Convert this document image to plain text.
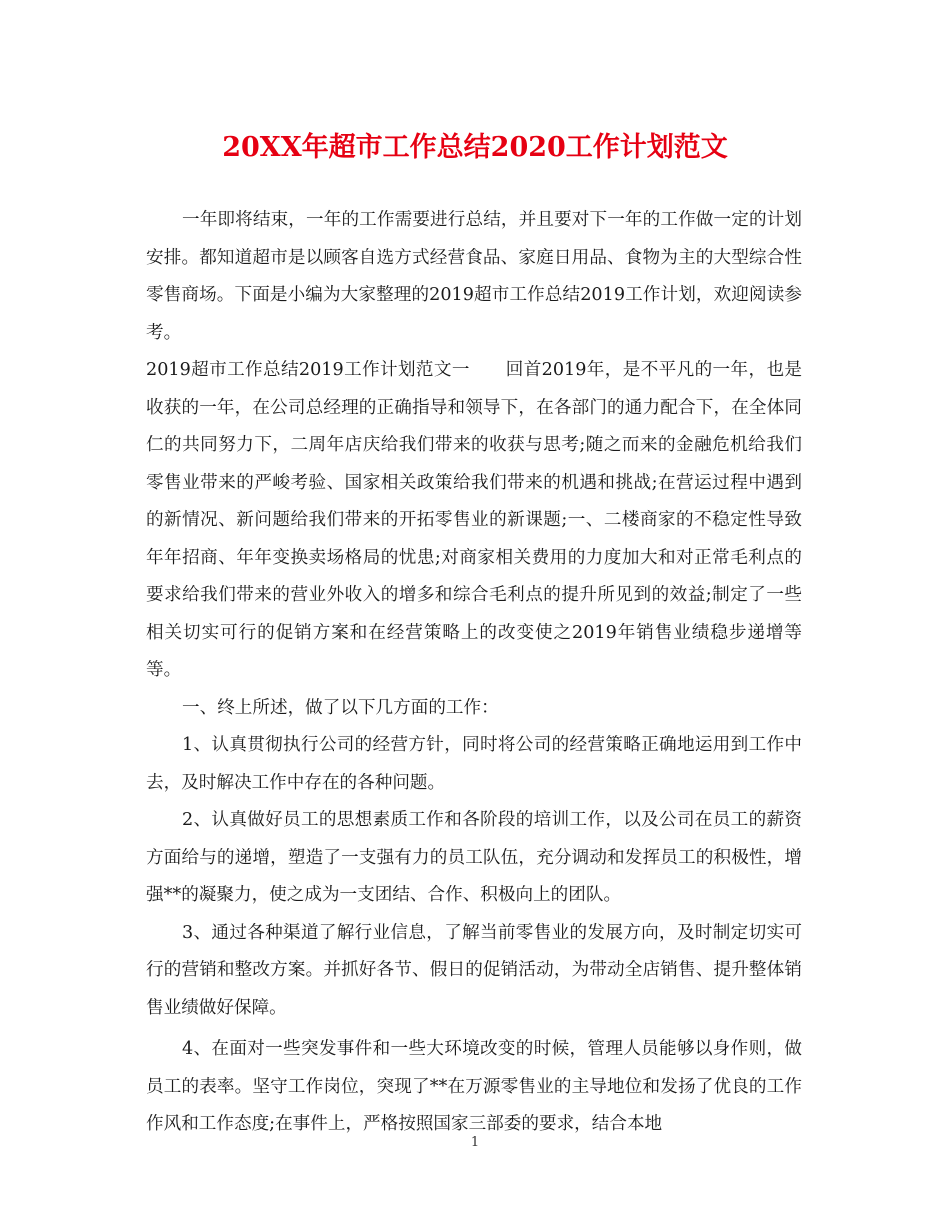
20XX年超市工作总结2020工作计划范文

一年即将结束，一年的工作需要进行总结，并且要对下一年的工作做一定的计划安排。都知道超市是以顾客自选方式经营食品、家庭日用品、食物为主的大型综合性零售商场。下面是小编为大家整理的2019超市工作总结2019工作计划，欢迎阅读参考。

2019超市工作总结2019工作计划范文一　　回首2019年，是不平凡的一年，也是收获的一年，在公司总经理的正确指导和领导下，在各部门的通力配合下，在全体同仁的共同努力下，二周年店庆给我们带来的收获与思考;随之而来的金融危机给我们零售业带来的严峻考验、国家相关政策给我们带来的机遇和挑战;在营运过程中遇到的新情况、新问题给我们带来的开拓零售业的新课题;一、二楼商家的不稳定性导致年年招商、年年变换卖场格局的忧患;对商家相关费用的力度加大和对正常毛利点的要求给我们带来的营业外收入的增多和综合毛利点的提升所见到的效益;制定了一些相关切实可行的促销方案和在经营策略上的改变使之2019年销售业绩稳步递增等等。

一、终上所述，做了以下几方面的工作：

1、认真贯彻执行公司的经营方针，同时将公司的经营策略正确地运用到工作中去，及时解决工作中存在的各种问题。

2、认真做好员工的思想素质工作和各阶段的培训工作，以及公司在员工的薪资方面给与的递增，塑造了一支强有力的员工队伍，充分调动和发挥员工的积极性，增强**的凝聚力，使之成为一支团结、合作、积极向上的团队。

3、通过各种渠道了解行业信息，了解当前零售业的发展方向，及时制定切实可行的营销和整改方案。并抓好各节、假日的促销活动，为带动全店销售、提升整体销售业绩做好保障。

4、在面对一些突发事件和一些大环境改变的时候，管理人员能够以身作则，做员工的表率。坚守工作岗位，突现了**在万源零售业的主导地位和发扬了优良的工作作风和工作态度;在事件上，严格按照国家三部委的要求，结合本地

1
